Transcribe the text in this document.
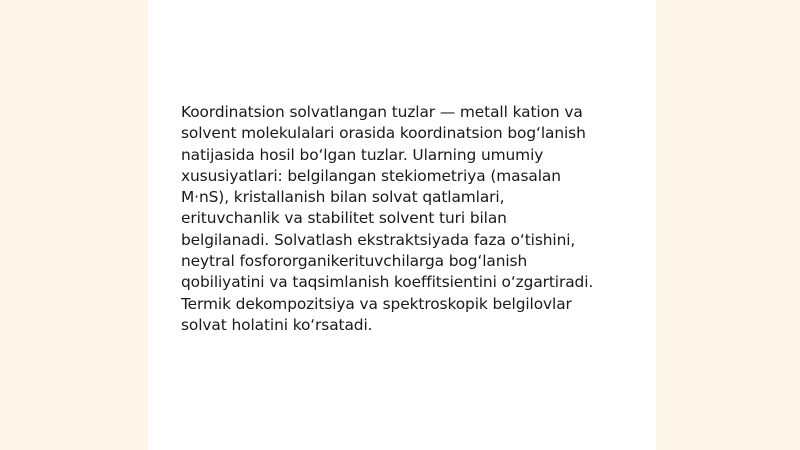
Koordinatsion solvatlangan tuzlar — metall kation va
solvent molekulalari orasida koordinatsion bog‘lanish
natijasida hosil bo‘lgan tuzlar. Ularning umumiy
xususiyatlari: belgilangan stekiometriya (masalan
M·nS), kristallanish bilan solvat qatlamlari,
erituvchanlik va stabilitet solvent turi bilan
belgilanadi. Solvatlash ekstraktsiyada faza o‘tishini,
neytral fosfororganikerituvchilarga bog‘lanish
qobiliyatini va taqsimlanish koeffitsientini o‘zgartiradi.
Termik dekompozitsiya va spektroskopik belgilovlar
solvat holatini ko‘rsatadi.
